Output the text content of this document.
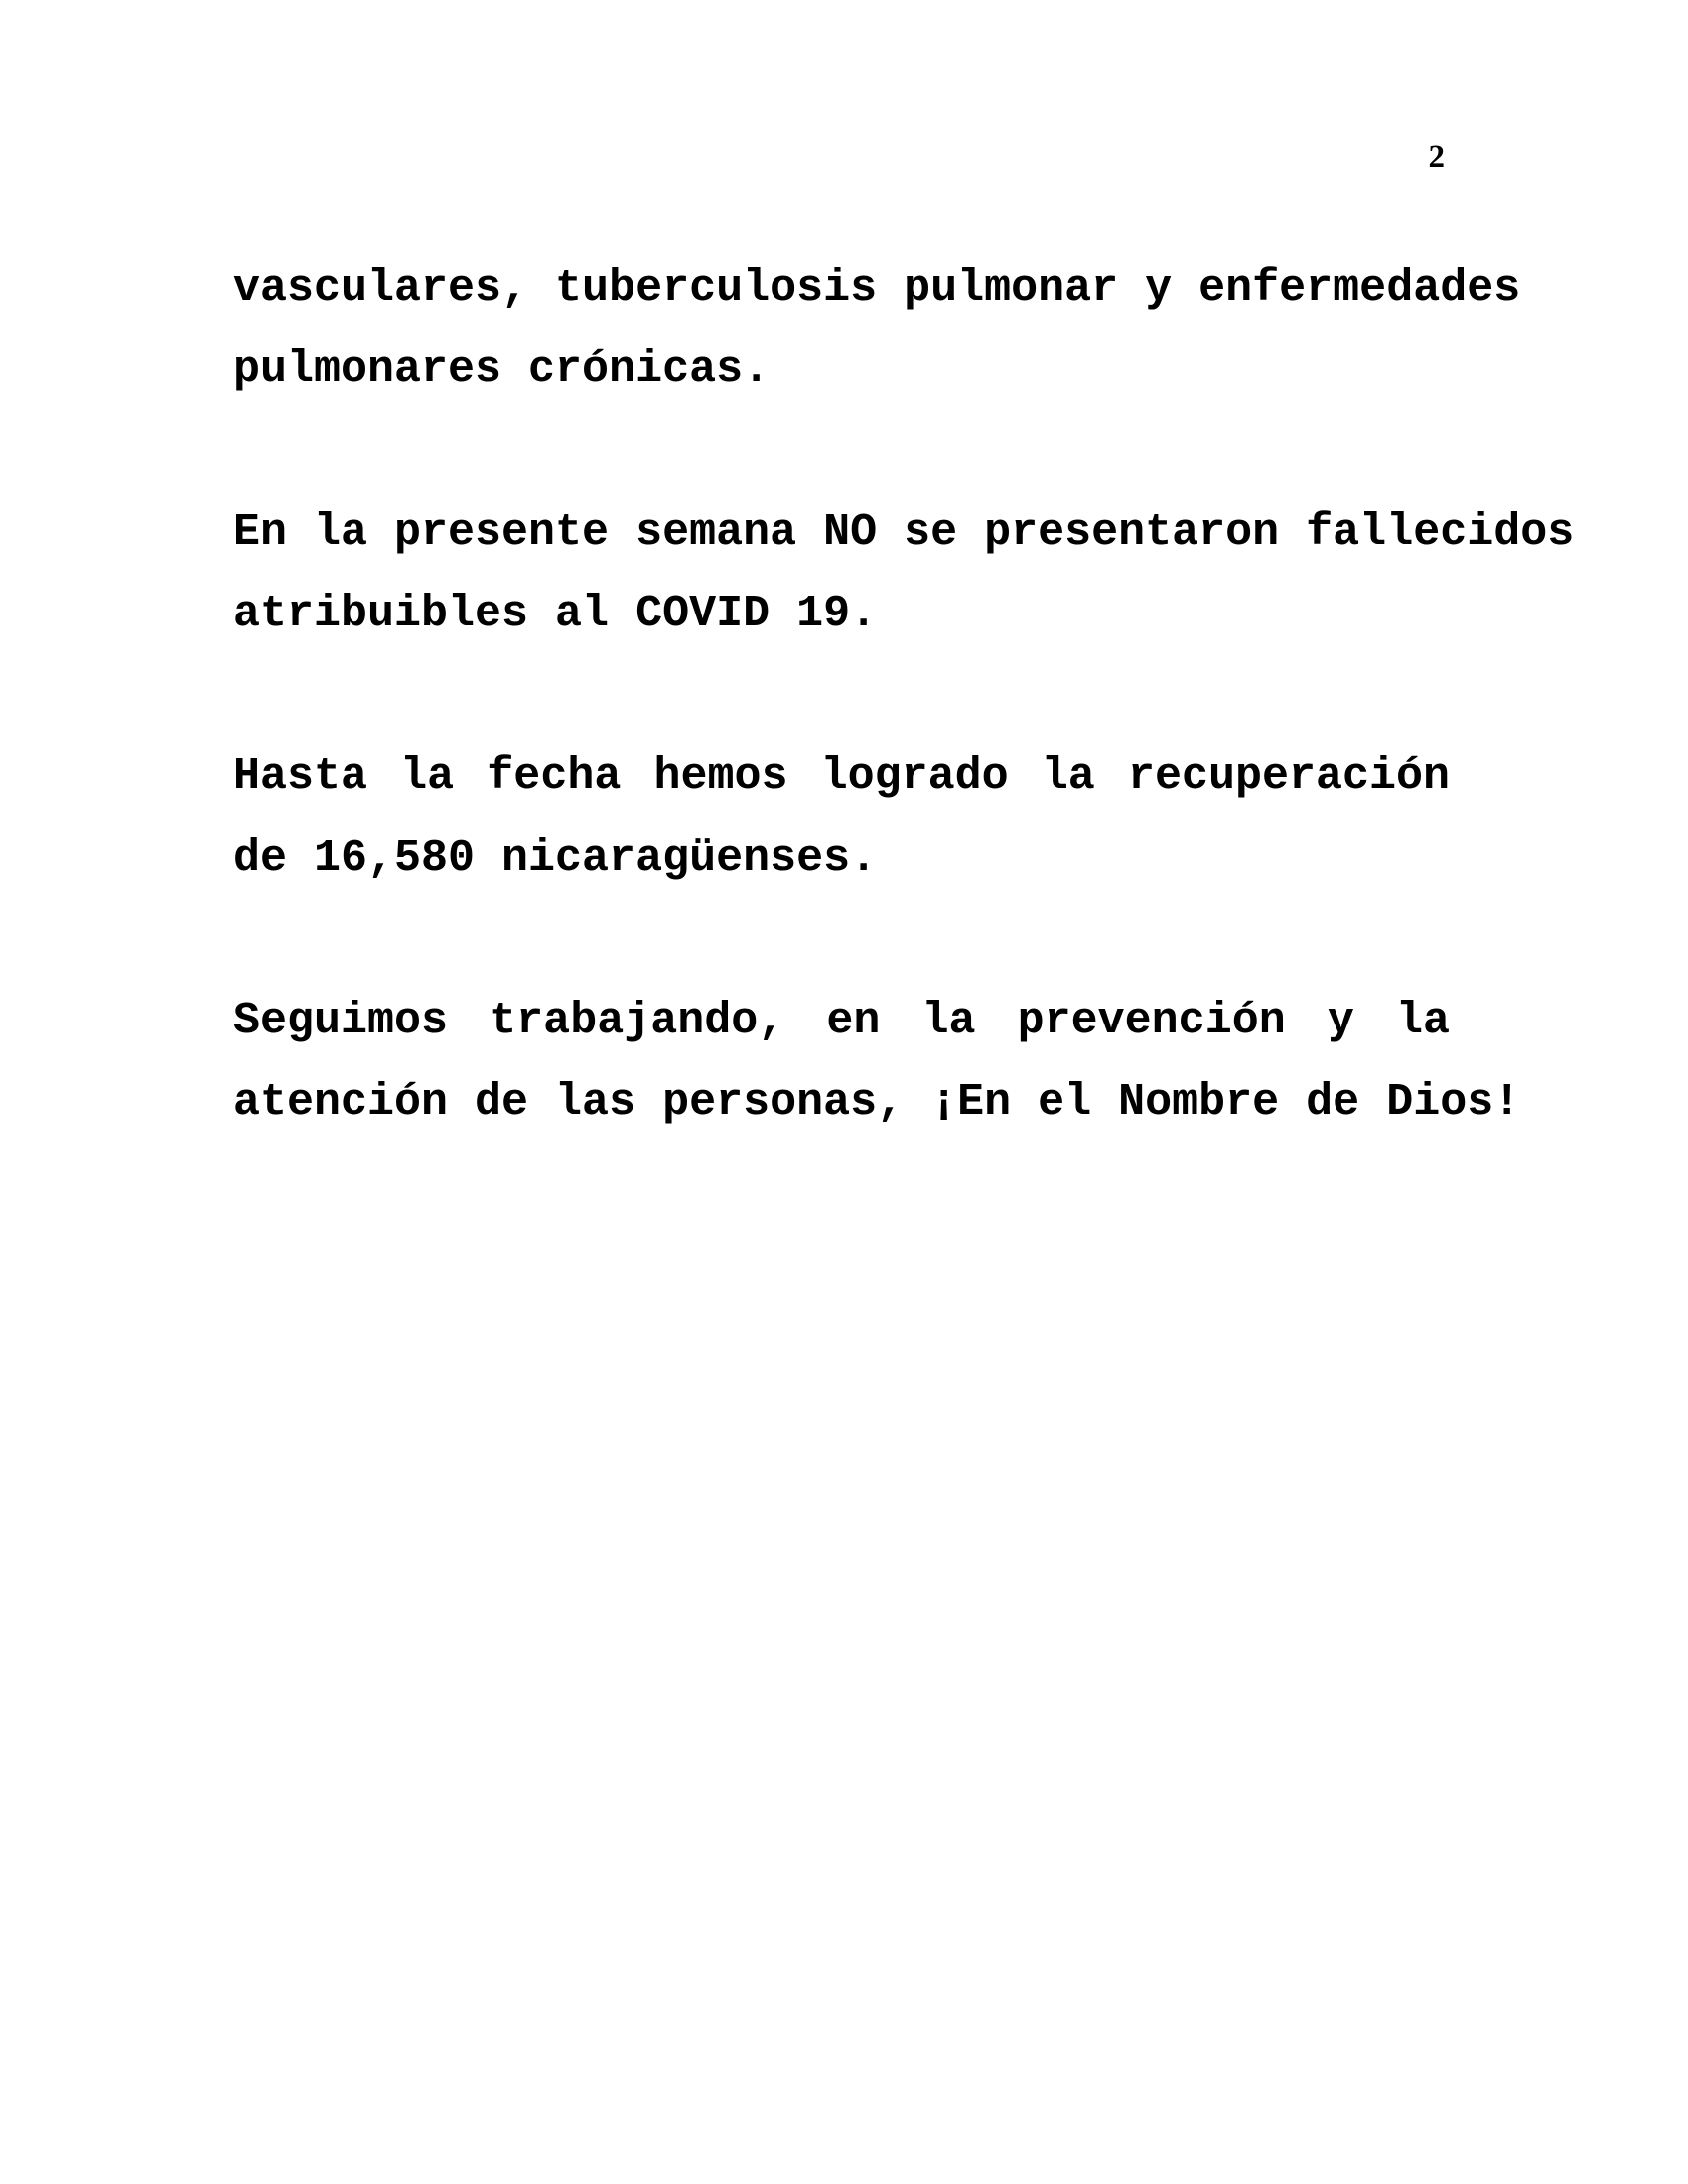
2

vasculares, tuberculosis pulmonar y enfermedades
pulmonares crónicas.

En la presente semana NO se presentaron fallecidos
atribuibles al COVID 19.

Hasta la fecha hemos logrado la recuperación
de 16,580 nicaragüenses.

Seguimos trabajando, en la prevención y la
atención de las personas, ¡En el Nombre de Dios!
